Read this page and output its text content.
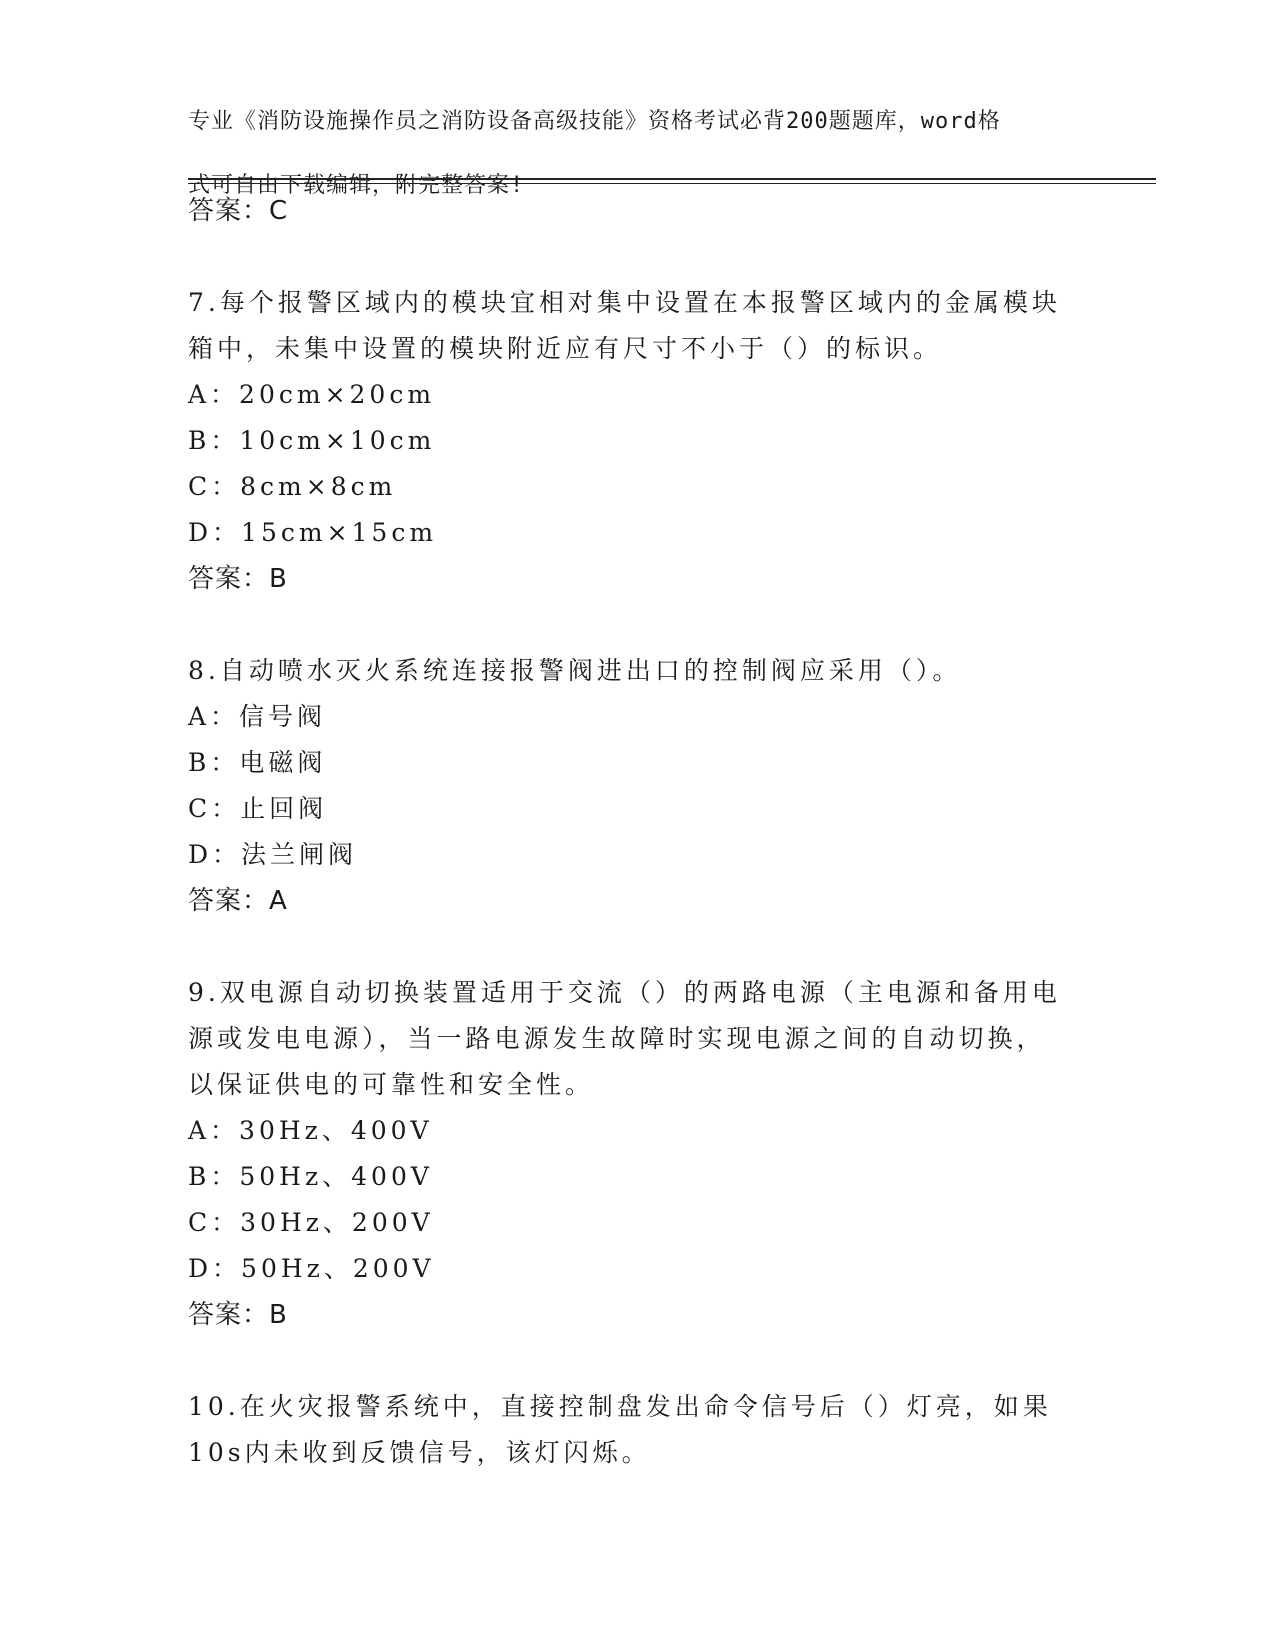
专业《消防设施操作员之消防设备高级技能》资格考试必背200题题库，word格

式可自由下载编辑，附完整答案!

答案：C
7.每个报警区域内的模块宜相对集中设置在本报警区域内的金属模块
箱中，未集中设置的模块附近应有尺寸不小于（）的标识。
A：20cm×20cm
B：10cm×10cm
C：8cm×8cm
D：15cm×15cm
答案：B
8.自动喷水灭火系统连接报警阀进出口的控制阀应采用（）。
A：信号阀
B：电磁阀
C：止回阀
D：法兰闸阀
答案：A
9.双电源自动切换装置适用于交流（）的两路电源（主电源和备用电
源或发电电源），当一路电源发生故障时实现电源之间的自动切换，
以保证供电的可靠性和安全性。
A：30Hz、400V
B：50Hz、400V
C：30Hz、200V
D：50Hz、200V
答案：B
10.在火灾报警系统中，直接控制盘发出命令信号后（）灯亮，如果
10s内未收到反馈信号，该灯闪烁。
